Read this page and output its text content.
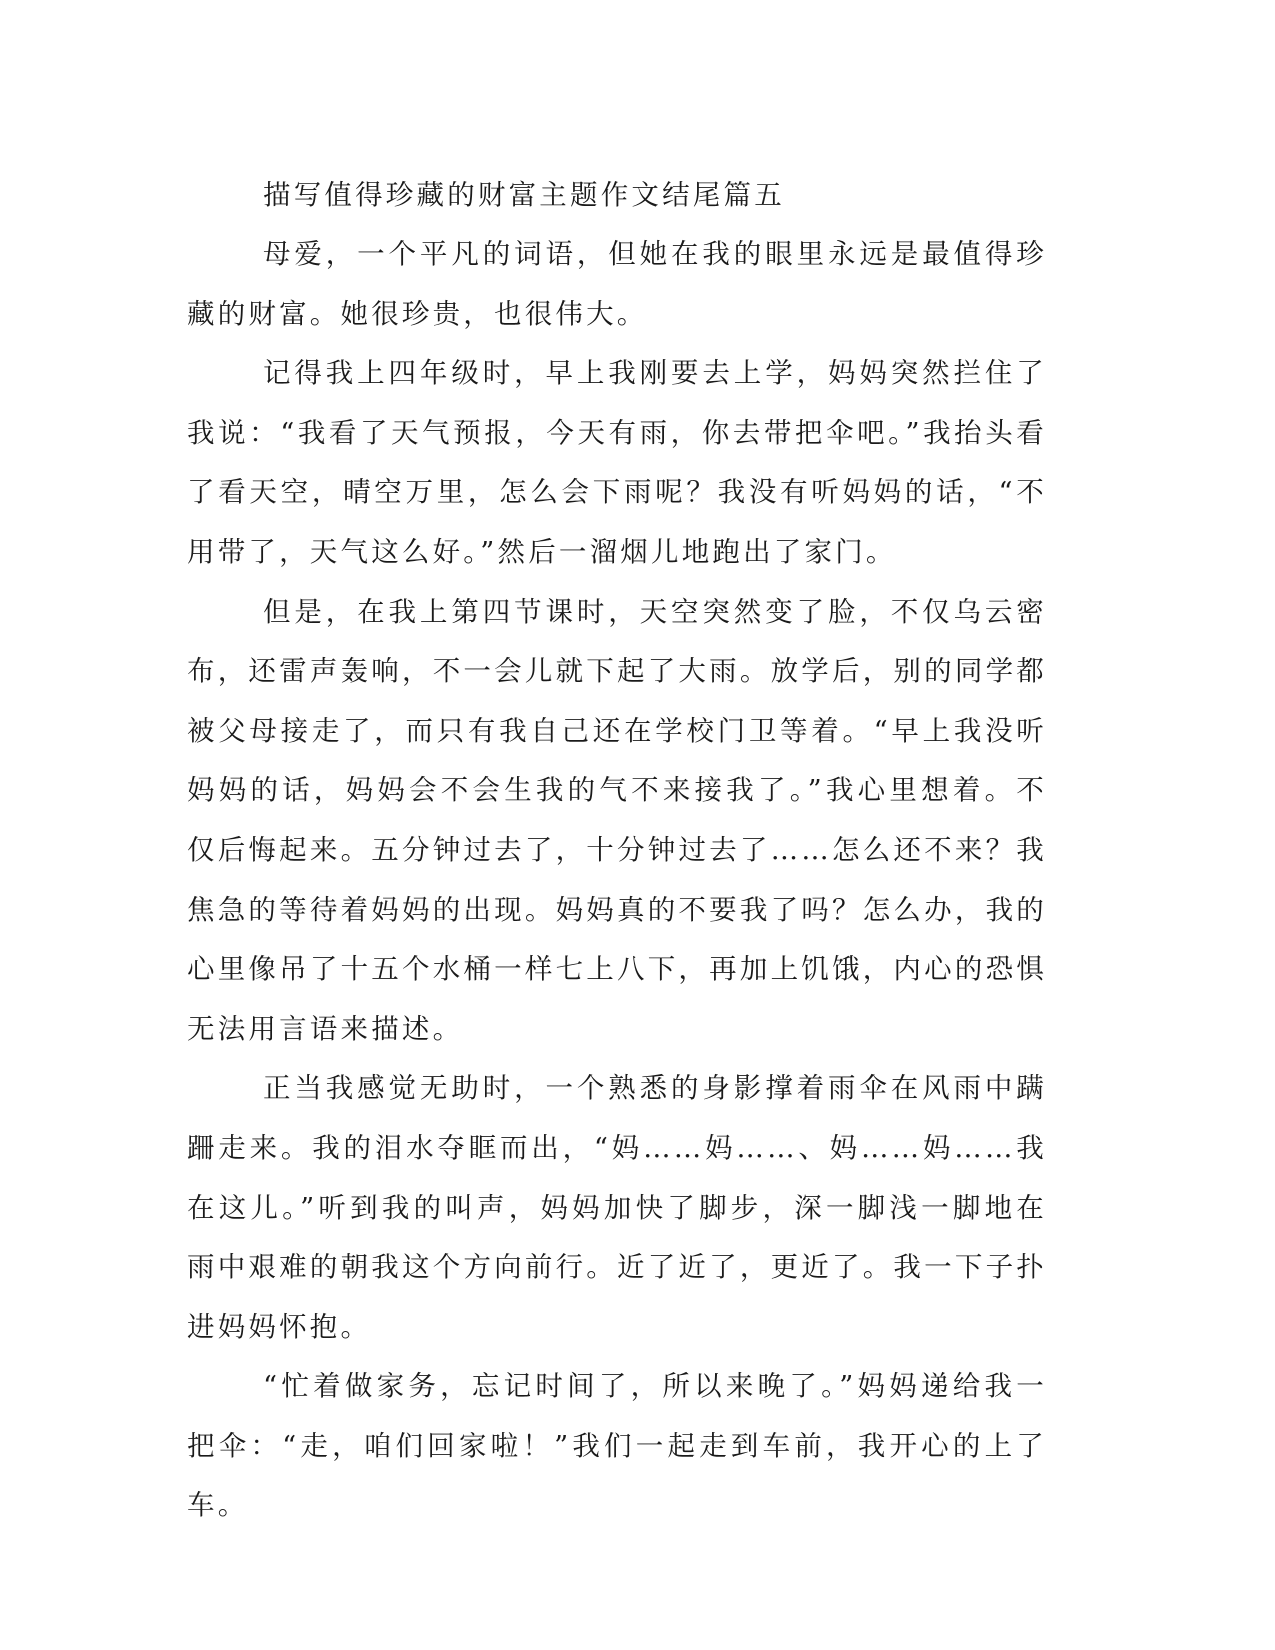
描写值得珍藏的财富主题作文结尾篇五

母爱，一个平凡的词语，但她在我的眼里永远是最值得珍藏的财富。她很珍贵，也很伟大。

记得我上四年级时，早上我刚要去上学，妈妈突然拦住了我说：“我看了天气预报，今天有雨，你去带把伞吧。”我抬头看了看天空，晴空万里，怎么会下雨呢？我没有听妈妈的话，“不用带了，天气这么好。”然后一溜烟儿地跑出了家门。

但是，在我上第四节课时，天空突然变了脸，不仅乌云密布，还雷声轰响，不一会儿就下起了大雨。放学后，别的同学都被父母接走了，而只有我自己还在学校门卫等着。“早上我没听妈妈的话，妈妈会不会生我的气不来接我了。”我心里想着。不仅后悔起来。五分钟过去了，十分钟过去了……怎么还不来？我焦急的等待着妈妈的出现。妈妈真的不要我了吗？怎么办，我的心里像吊了十五个水桶一样七上八下，再加上饥饿，内心的恐惧无法用言语来描述。

正当我感觉无助时，一个熟悉的身影撑着雨伞在风雨中蹒跚走来。我的泪水夺眶而出，“妈……妈……、妈……妈……我在这儿。”听到我的叫声，妈妈加快了脚步，深一脚浅一脚地在雨中艰难的朝我这个方向前行。近了近了，更近了。我一下子扑进妈妈怀抱。

“忙着做家务，忘记时间了，所以来晚了。”妈妈递给我一把伞：“走，咱们回家啦！”我们一起走到车前，我开心的上了车。
